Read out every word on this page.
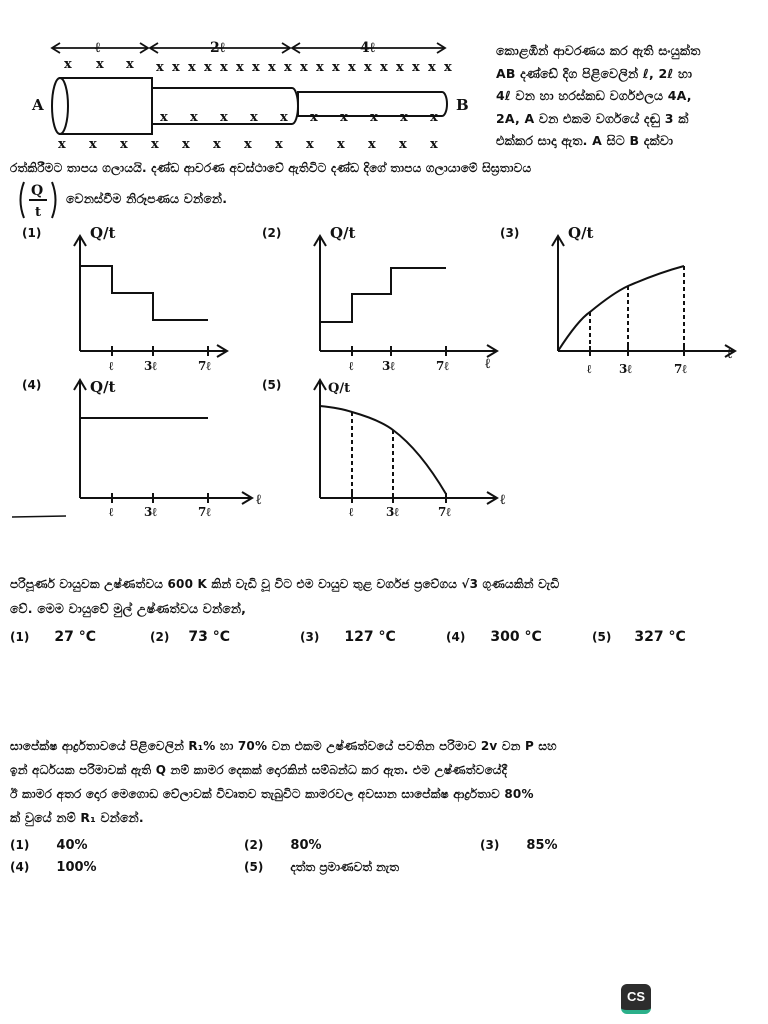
ℓ	2ℓ	4ℓ
A	B
x x x x x x x x x x x x x x x x x x x x x x
x x x x x x x x x x
x x x x x x x x x x x x x
කොළඹින් ආවරණය කර ඇති සංයුක්ත
AB දණ්ඩේ දිග පිළිවෙලින් ℓ, 2ℓ හා
4ℓ වන හා හරස්කඩ වර්ගඵලය 4A,
2A, A වන එකම වර්ගයේ දඬු 3 ක්
එක්කර සාදා ඇත. A සිට B දක්වා
රත්කිරීමට තාපය ගලායයි. දණ්ඩ ආවරණ අවස්ථාවේ ඇතිවිට දණ්ඩ දිගේ තාපය ගලායාමේ සිඝ්‍රතාවය
Q
t
වෙනස්වීම නිරූපණය වන්නේ.
(1)	Q/t
ℓ	3ℓ	7ℓ
(2)	Q/t
ℓ
ℓ 3ℓ	7ℓ
(3)	Q/t
ℓ
ℓ 3ℓ	7ℓ
(4)	Q/t
ℓ
ℓ	3ℓ	7ℓ
(5)	Q/t
ℓ
ℓ	3ℓ	7ℓ
පරිපූර්ණ වායුවක උෂ්ණත්වය 600 K කින් වැඩි වූ විට එම වායුව තුළ වර්ගජ ප්‍රවේගය √3 ගුණයකින් වැඩි
වේ. මෙම වායුවේ මුල් උෂ්ණත්වය වන්නේ,
(1) 27 °C	(2) 73 °C	(3) 127 °C	(4) 300 °C	(5) 327 °C
සාපේක්ෂ ආර්ද්‍රතාවයේ පිළිවෙලින් R₁% හා 70% වන එකම උෂ්ණත්වයේ පවතින පරිමාව 2v වන P සහ
ඉන් අර්ධයක පරිමාවක් ඇති Q නම් කාමර දෙකක් දොරකින් සම්බන්ධ කර ඇත. එම උෂ්ණත්වයේදී
ඊ කාමර අතර දොර මෙගොඩ වේලාවක් විවෘතව තැබුවිට කාමරවල අවසාන සාපේක්ෂ ආර්ද්‍රතාව 80%
ක් වුයේ නම් R₁ වන්නේ.
(1) 40%	(2) 80%	(3) 85%
(4) 100%	(5) දත්ත ප්‍රමාණවත් නැත
CS
